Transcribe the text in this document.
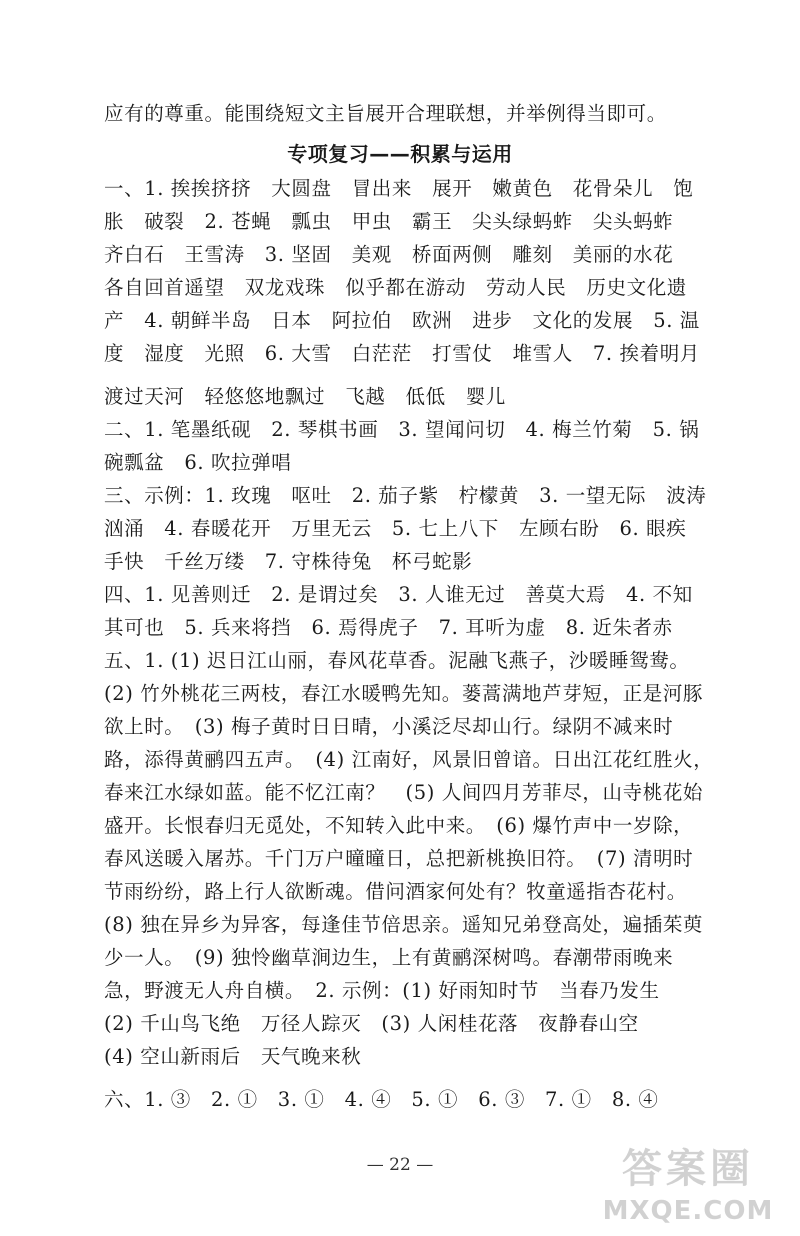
应有的尊重。能围绕短文主旨展开合理联想，并举例得当即可。
专项复习——积累与运用
一、1. 挨挨挤挤　大圆盘　冒出来　展开　嫩黄色　花骨朵儿　饱
胀　破裂　2. 苍蝇　瓢虫　甲虫　霸王　尖头绿蚂蚱　尖头蚂蚱
齐白石　王雪涛　3. 坚固　美观　桥面两侧　雕刻　美丽的水花
各自回首遥望　双龙戏珠　似乎都在游动　劳动人民　历史文化遗
产　4. 朝鲜半岛　日本　阿拉伯　欧洲　进步　文化的发展　5. 温
度　湿度　光照　6. 大雪　白茫茫　打雪仗　堆雪人　7. 挨着明月
渡过天河　轻悠悠地飘过　飞越　低低　婴儿
二、1. 笔墨纸砚　2. 琴棋书画　3. 望闻问切　4. 梅兰竹菊　5. 锅
碗瓢盆　6. 吹拉弹唱
三、示例：1. 玫瑰　呕吐　2. 茄子紫　柠檬黄　3. 一望无际　波涛
汹涌　4. 春暖花开　万里无云　5. 七上八下　左顾右盼　6. 眼疾
手快　千丝万缕　7. 守株待兔　杯弓蛇影
四、1. 见善则迁　2. 是谓过矣　3. 人谁无过　善莫大焉　4. 不知
其可也　5. 兵来将挡　6. 焉得虎子　7. 耳听为虚　8. 近朱者赤
五、1. (1) 迟日江山丽，春风花草香。泥融飞燕子，沙暖睡鸳鸯。
(2) 竹外桃花三两枝，春江水暖鸭先知。蒌蒿满地芦芽短，正是河豚
欲上时。　(3) 梅子黄时日日晴，小溪泛尽却山行。绿阴不减来时
路，添得黄鹂四五声。　(4) 江南好，风景旧曾谙。日出江花红胜火，
春来江水绿如蓝。能不忆江南？　(5) 人间四月芳菲尽，山寺桃花始
盛开。长恨春归无觅处，不知转入此中来。　(6) 爆竹声中一岁除，
春风送暖入屠苏。千门万户曈曈日，总把新桃换旧符。　(7) 清明时
节雨纷纷，路上行人欲断魂。借问酒家何处有？牧童遥指杏花村。
(8) 独在异乡为异客，每逢佳节倍思亲。遥知兄弟登高处，遍插茱萸
少一人。　(9) 独怜幽草涧边生，上有黄鹂深树鸣。春潮带雨晚来
急，野渡无人舟自横。　2. 示例：(1) 好雨知时节　当春乃发生
(2) 千山鸟飞绝　万径人踪灭　(3) 人闲桂花落　夜静春山空
(4) 空山新雨后　天气晚来秋
六、1. ③　2. ①　3. ①　4. ④　5. ①　6. ③　7. ①　8. ④
— 22 —	答案圈
MXQE.COM
